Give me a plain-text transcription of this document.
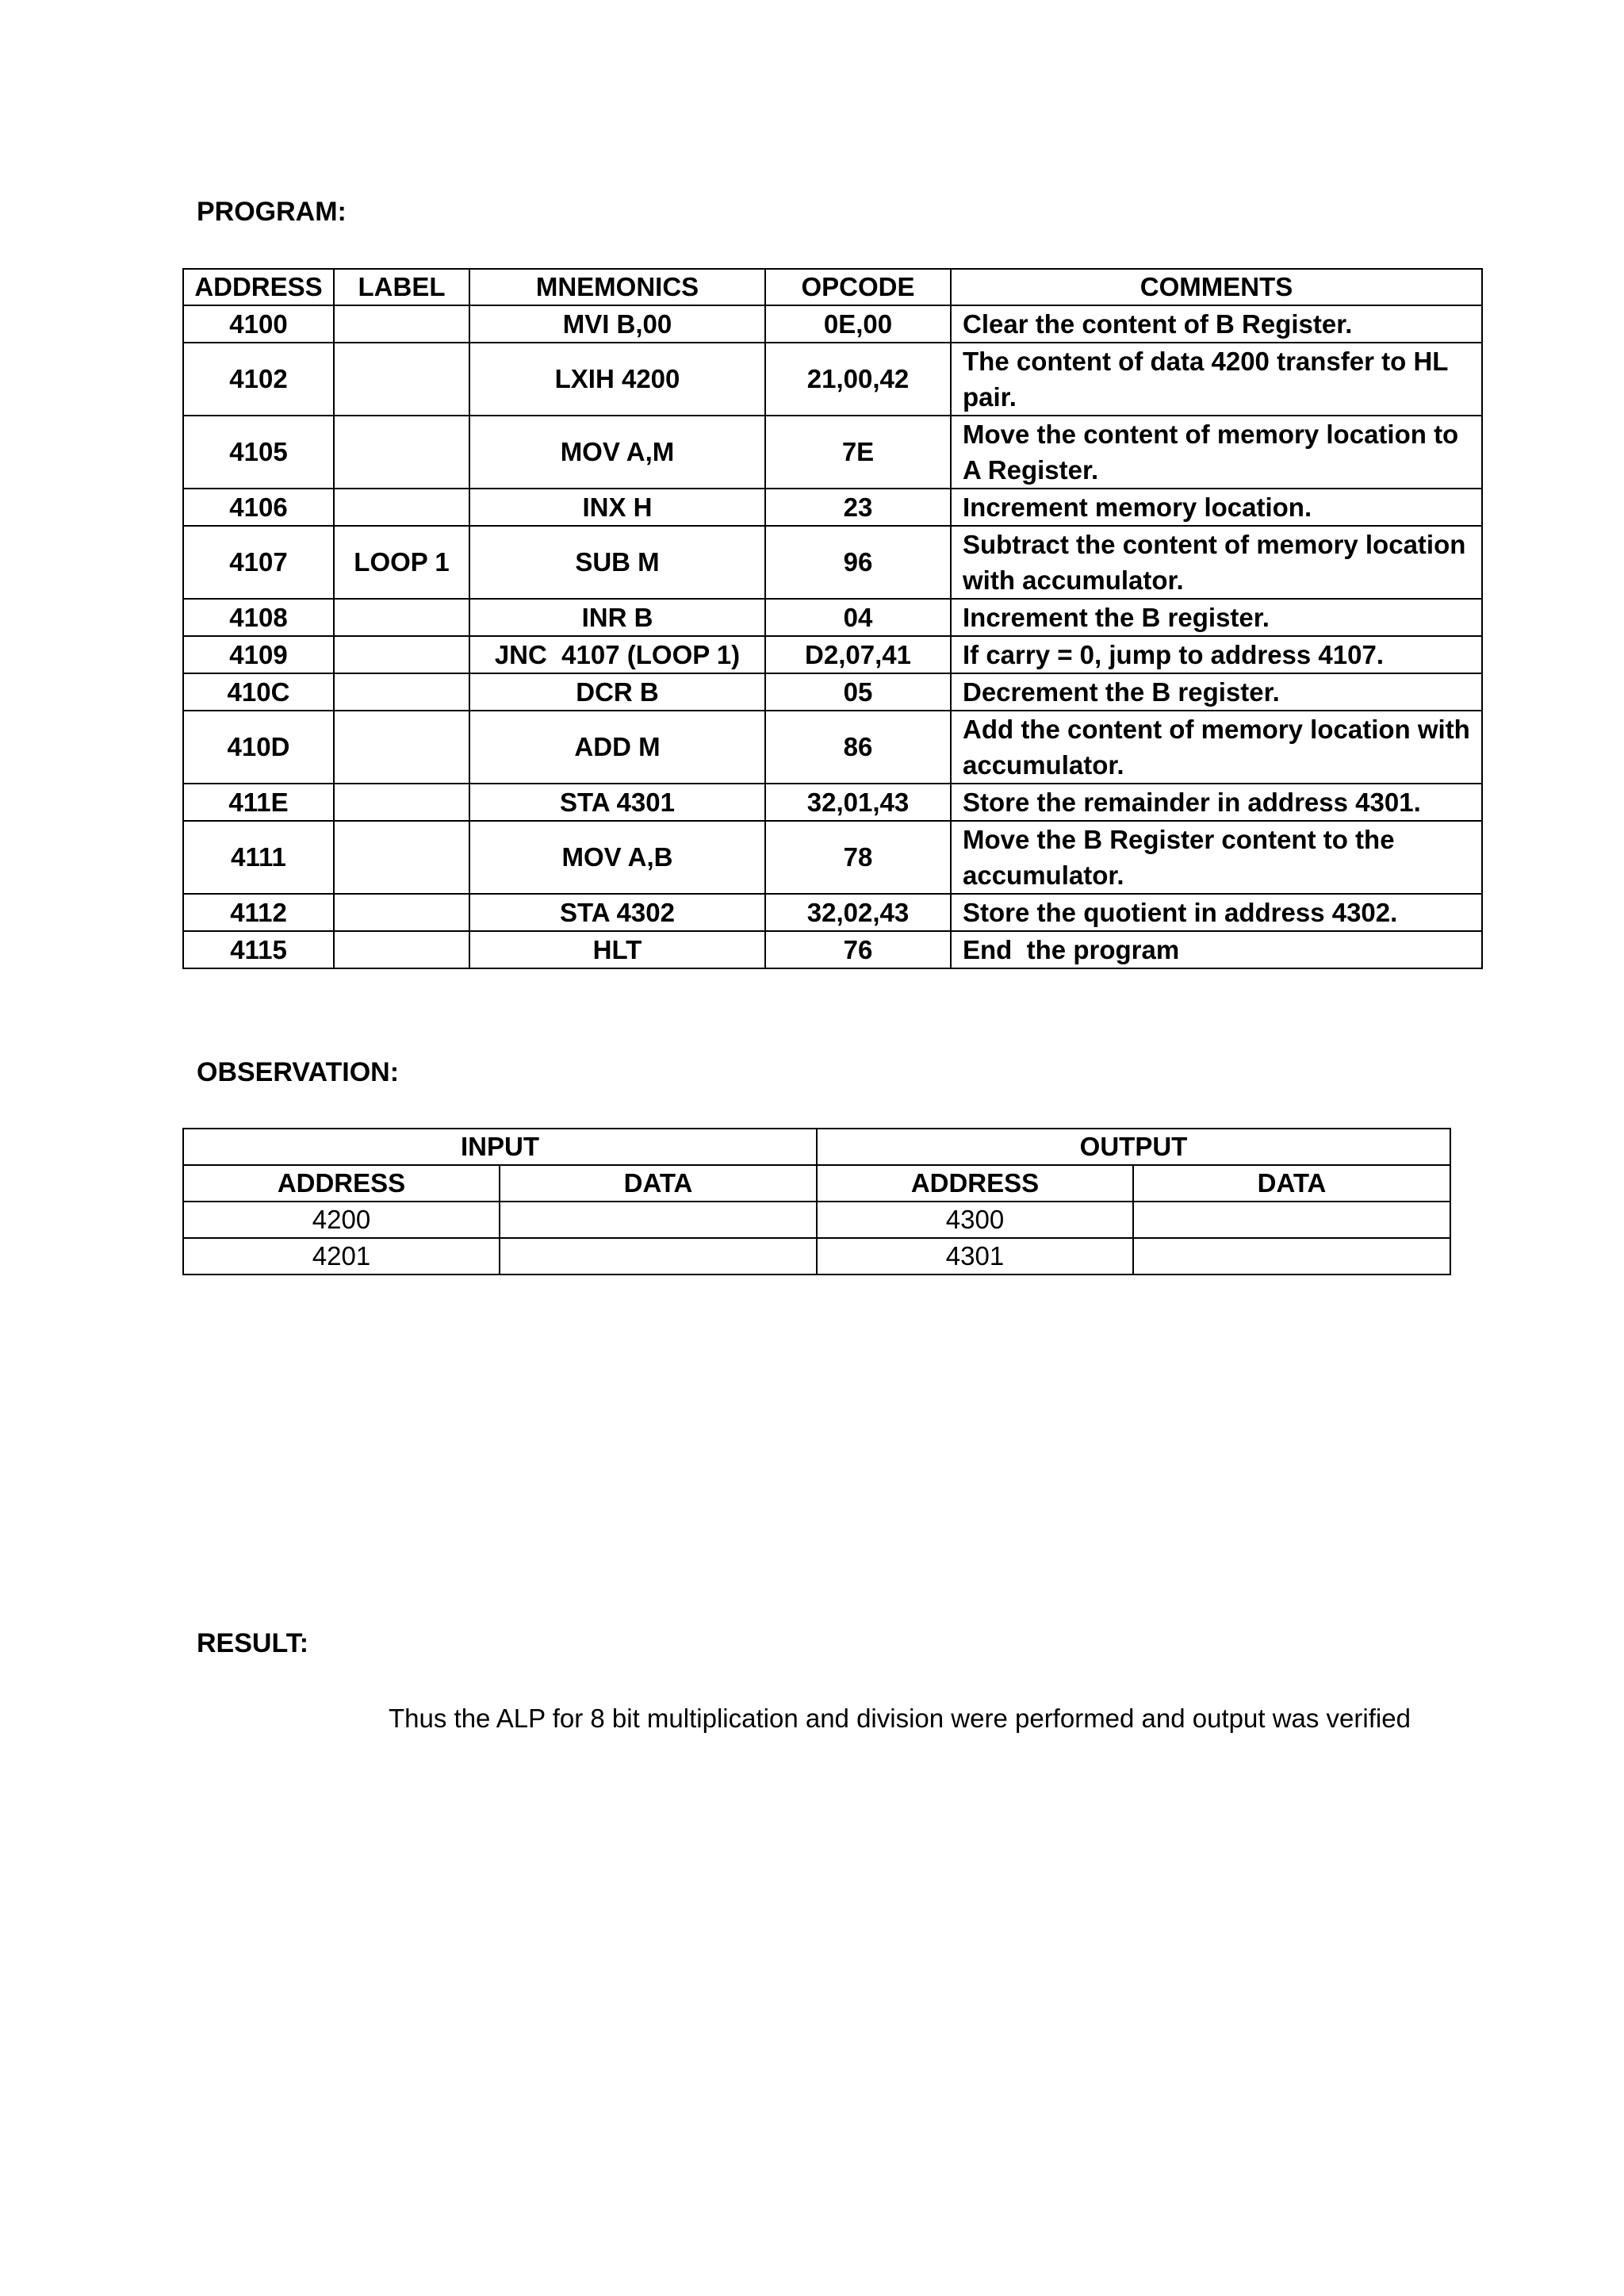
PROGRAM:
ADDRESS	LABEL	MNEMONICS	OPCODE	COMMENTS
4100		MVI B,00	0E,00	Clear the content of B Register.
4102		LXIH 4200	21,00,42	The content of data 4200 transfer to HL pair.
4105		MOV A,M	7E	Move the content of memory location to A Register.
4106		INX H	23	Increment memory location.
4107	LOOP 1	SUB M	96	Subtract the content of memory location with accumulator.
4108		INR B	04	Increment the B register.
4109		JNC  4107 (LOOP 1)	D2,07,41	If carry = 0, jump to address 4107.
410C		DCR B	05	Decrement the B register.
410D		ADD M	86	Add the content of memory location with accumulator.
411E		STA 4301	32,01,43	Store the remainder in address 4301.
4111		MOV A,B	78	Move the B Register content to the accumulator.
4112		STA 4302	32,02,43	Store the quotient in address 4302.
4115		HLT	76	End  the program
OBSERVATION:
INPUT		OUTPUT	
ADDRESS	DATA	ADDRESS	DATA
4200		4300	
4201		4301	
RESULT:

Thus the ALP for 8 bit multiplication and division were performed and output was verified
